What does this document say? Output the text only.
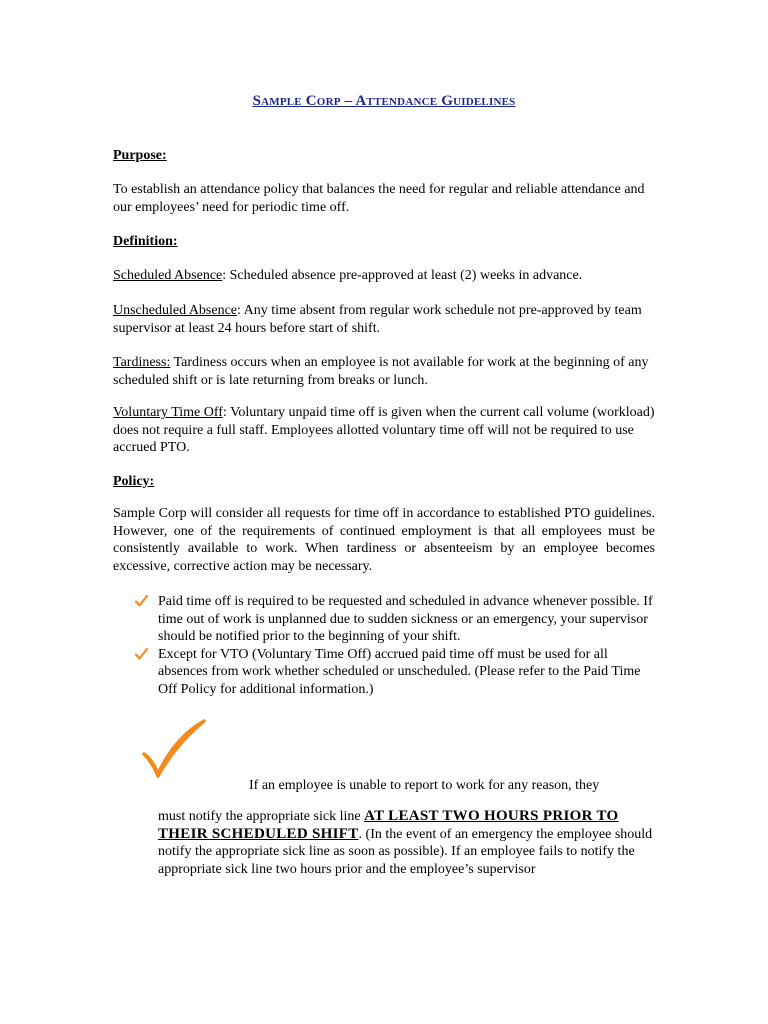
Sample Corp – Attendance Guidelines
Purpose:
To establish an attendance policy that balances the need for regular and reliable attendance and our employees’ need for periodic time off.
Definition:
Scheduled Absence: Scheduled absence pre-approved at least (2) weeks in advance.
Unscheduled Absence: Any time absent from regular work schedule not pre-approved by team supervisor at least 24 hours before start of shift.
Tardiness: Tardiness occurs when an employee is not available for work at the beginning of any scheduled shift or is late returning from breaks or lunch.
Voluntary Time Off: Voluntary unpaid time off is given when the current call volume (workload) does not require a full staff. Employees allotted voluntary time off will not be required to use accrued PTO.
Policy:
Sample Corp will consider all requests for time off in accordance to established PTO guidelines. However, one of the requirements of continued employment is that all employees must be consistently available to work. When tardiness or absenteeism by an employee becomes excessive, corrective action may be necessary.
Paid time off is required to be requested and scheduled in advance whenever possible. If time out of work is unplanned due to sudden sickness or an emergency, your supervisor should be notified prior to the beginning of your shift.
Except for VTO (Voluntary Time Off) accrued paid time off must be used for all absences from work whether scheduled or unscheduled. (Please refer to the Paid Time Off Policy for additional information.)
If an employee is unable to report to work for any reason, they
must notify the appropriate sick line AT LEAST TWO HOURS PRIOR TO THEIR SCHEDULED SHIFT. (In the event of an emergency the employee should notify the appropriate sick line as soon as possible). If an employee fails to notify the appropriate sick line two hours prior and the employee’s supervisor
